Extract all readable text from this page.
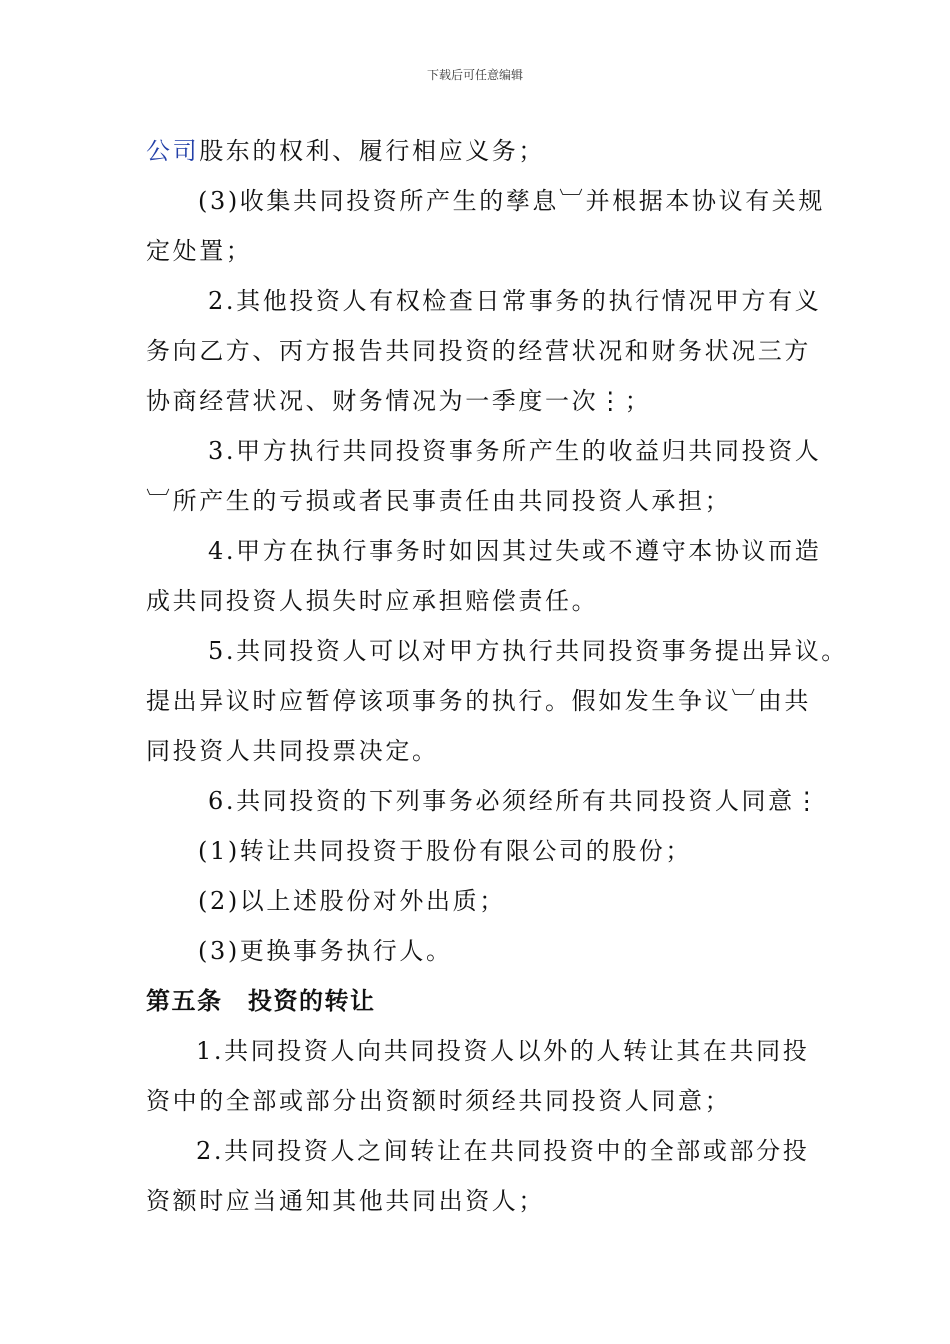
下载后可任意编辑
公司股东的权利、履行相应义务；
(3)收集共同投资所产生的孳息︺并根据本协议有关规
定处置；
2.其他投资人有权检查日常事务的执行情况甲方有义
务向乙方、丙方报告共同投资的经营状况和财务状况三方
协商经营状况、财务情况为一季度一次⋮；
3.甲方执行共同投资事务所产生的收益归共同投资人
︺所产生的亏损或者民事责任由共同投资人承担；
4.甲方在执行事务时如因其过失或不遵守本协议而造
成共同投资人损失时应承担赔偿责任。
5.共同投资人可以对甲方执行共同投资事务提出异议。
提出异议时应暂停该项事务的执行。假如发生争议︺由共
同投资人共同投票决定。
6.共同投资的下列事务必须经所有共同投资人同意⋮
(1)转让共同投资于股份有限公司的股份；
(2)以上述股份对外出质；
(3)更换事务执行人。
第五条　投资的转让
1.共同投资人向共同投资人以外的人转让其在共同投
资中的全部或部分出资额时须经共同投资人同意；
2.共同投资人之间转让在共同投资中的全部或部分投
资额时应当通知其他共同出资人；
